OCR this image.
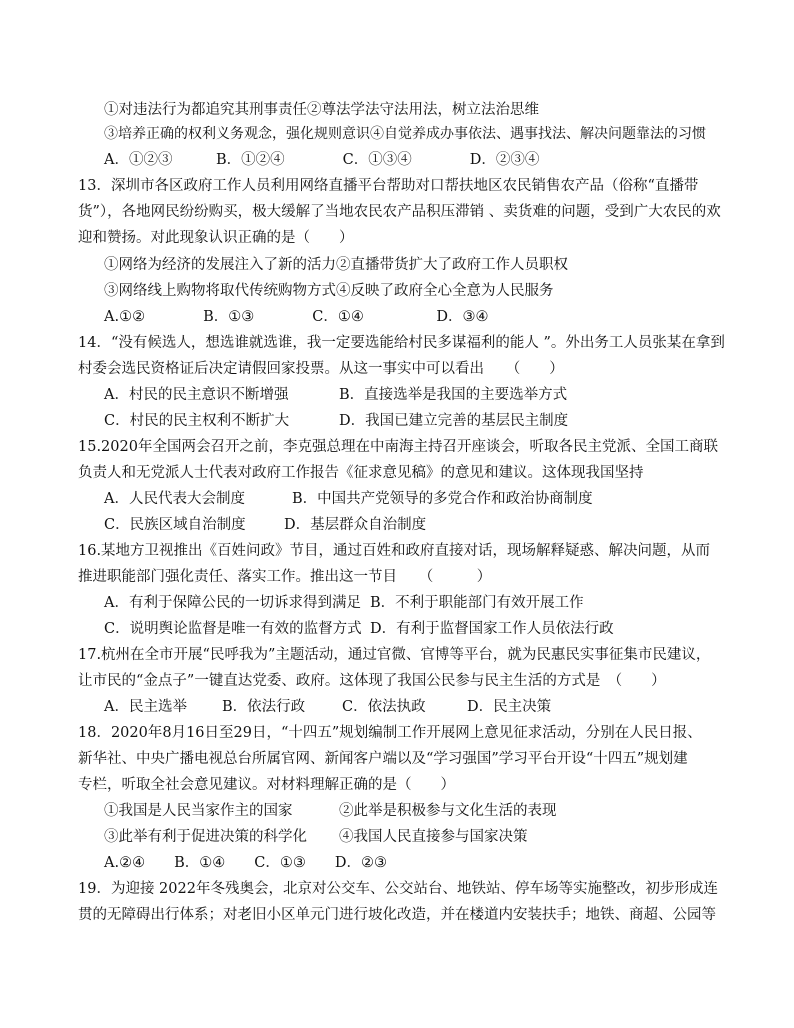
①对违法行为都追究其刑事责任②尊法学法守法用法，树立法治思维
③培养正确的权利义务观念，强化规则意识④自觉养成办事依法、遇事找法、解决问题靠法的习惯
A．①②③　　　B．①②④　　　　C．①③④　　　　D．②③④
13．深圳市各区政府工作人员利用网络直播平台帮助对口帮扶地区农民销售农产品（俗称“直播带
货”），各地网民纷纷购买，极大缓解了当地农民农产品积压滞销 、卖货难的问题，受到广大农民的欢
迎和赞扬。对此现象认识正确的是（　　）
①网络为经济的发展注入了新的活力②直播带货扩大了政府工作人员职权
③网络线上购物将取代传统购物方式④反映了政府全心全意为人民服务
A.①②　　　　B．①③　　　　C．①④　　　　　D．③④
14．“没有候选人，想选谁就选谁，我一定要选能给村民多谋福利的能人 ”。外出务工人员张某在拿到
村委会选民资格证后决定请假回家投票。从这一事实中可以看出　　（　　）
A．村民的民主意识不断增强	B．直接选举是我国的主要选举方式
C．村民的民主权利不断扩大	D．我国已建立完善的基层民主制度
15.2020年全国两会召开之前，李克强总理在中南海主持召开座谈会，听取各民主党派、全国工商联
负责人和无党派人士代表对政府工作报告《征求意见稿》的意见和建议。这体现我国坚持
A．人民代表大会制度	B．中国共产党领导的多党合作和政治协商制度
C．民族区域自治制度	D．基层群众自治制度
16.某地方卫视推出《百姓问政》节目，通过百姓和政府直接对话，现场解释疑惑、解决问题，从而
推进职能部门强化责任、落实工作。推出这一节目　　（　　　）
A．有利于保障公民的一切诉求得到满足 B．不利于职能部门有效开展工作
C．说明舆论监督是唯一有效的监督方式 D．有利于监督国家工作人员依法行政
17.杭州在全市开展“民呼我为”主题活动，通过官微、官博等平台，就为民惠民实事征集市民建议，
让市民的“金点子”一键直达党委、政府。这体现了我国公民参与民主生活的方式是　（　　）
A．民主选举 B．依法行政	C．依法执政	D．民主决策
18．2020年8月16日至29日，“十四五”规划编制工作开展网上意见征求活动，分别在人民日报、
新华社、中央广播电视总台所属官网、新闻客户端以及“学习强国”学习平台开设“十四五”规划建
专栏，听取全社会意见建议。对材料理解正确的是（　　）
①我国是人民当家作主的国家	②此举是积极参与文化生活的表现
③此举有利于促进决策的科学化 ④我国人民直接参与国家决策
A.②④　　B．①④　　C．①③　　D．②③
19．为迎接 2022年冬残奥会，北京对公交车、公交站台、地铁站、停车场等实施整改，初步形成连
贯的无障碍出行体系；对老旧小区单元门进行坡化改造，并在楼道内安装扶手；地铁、商超、公园等
